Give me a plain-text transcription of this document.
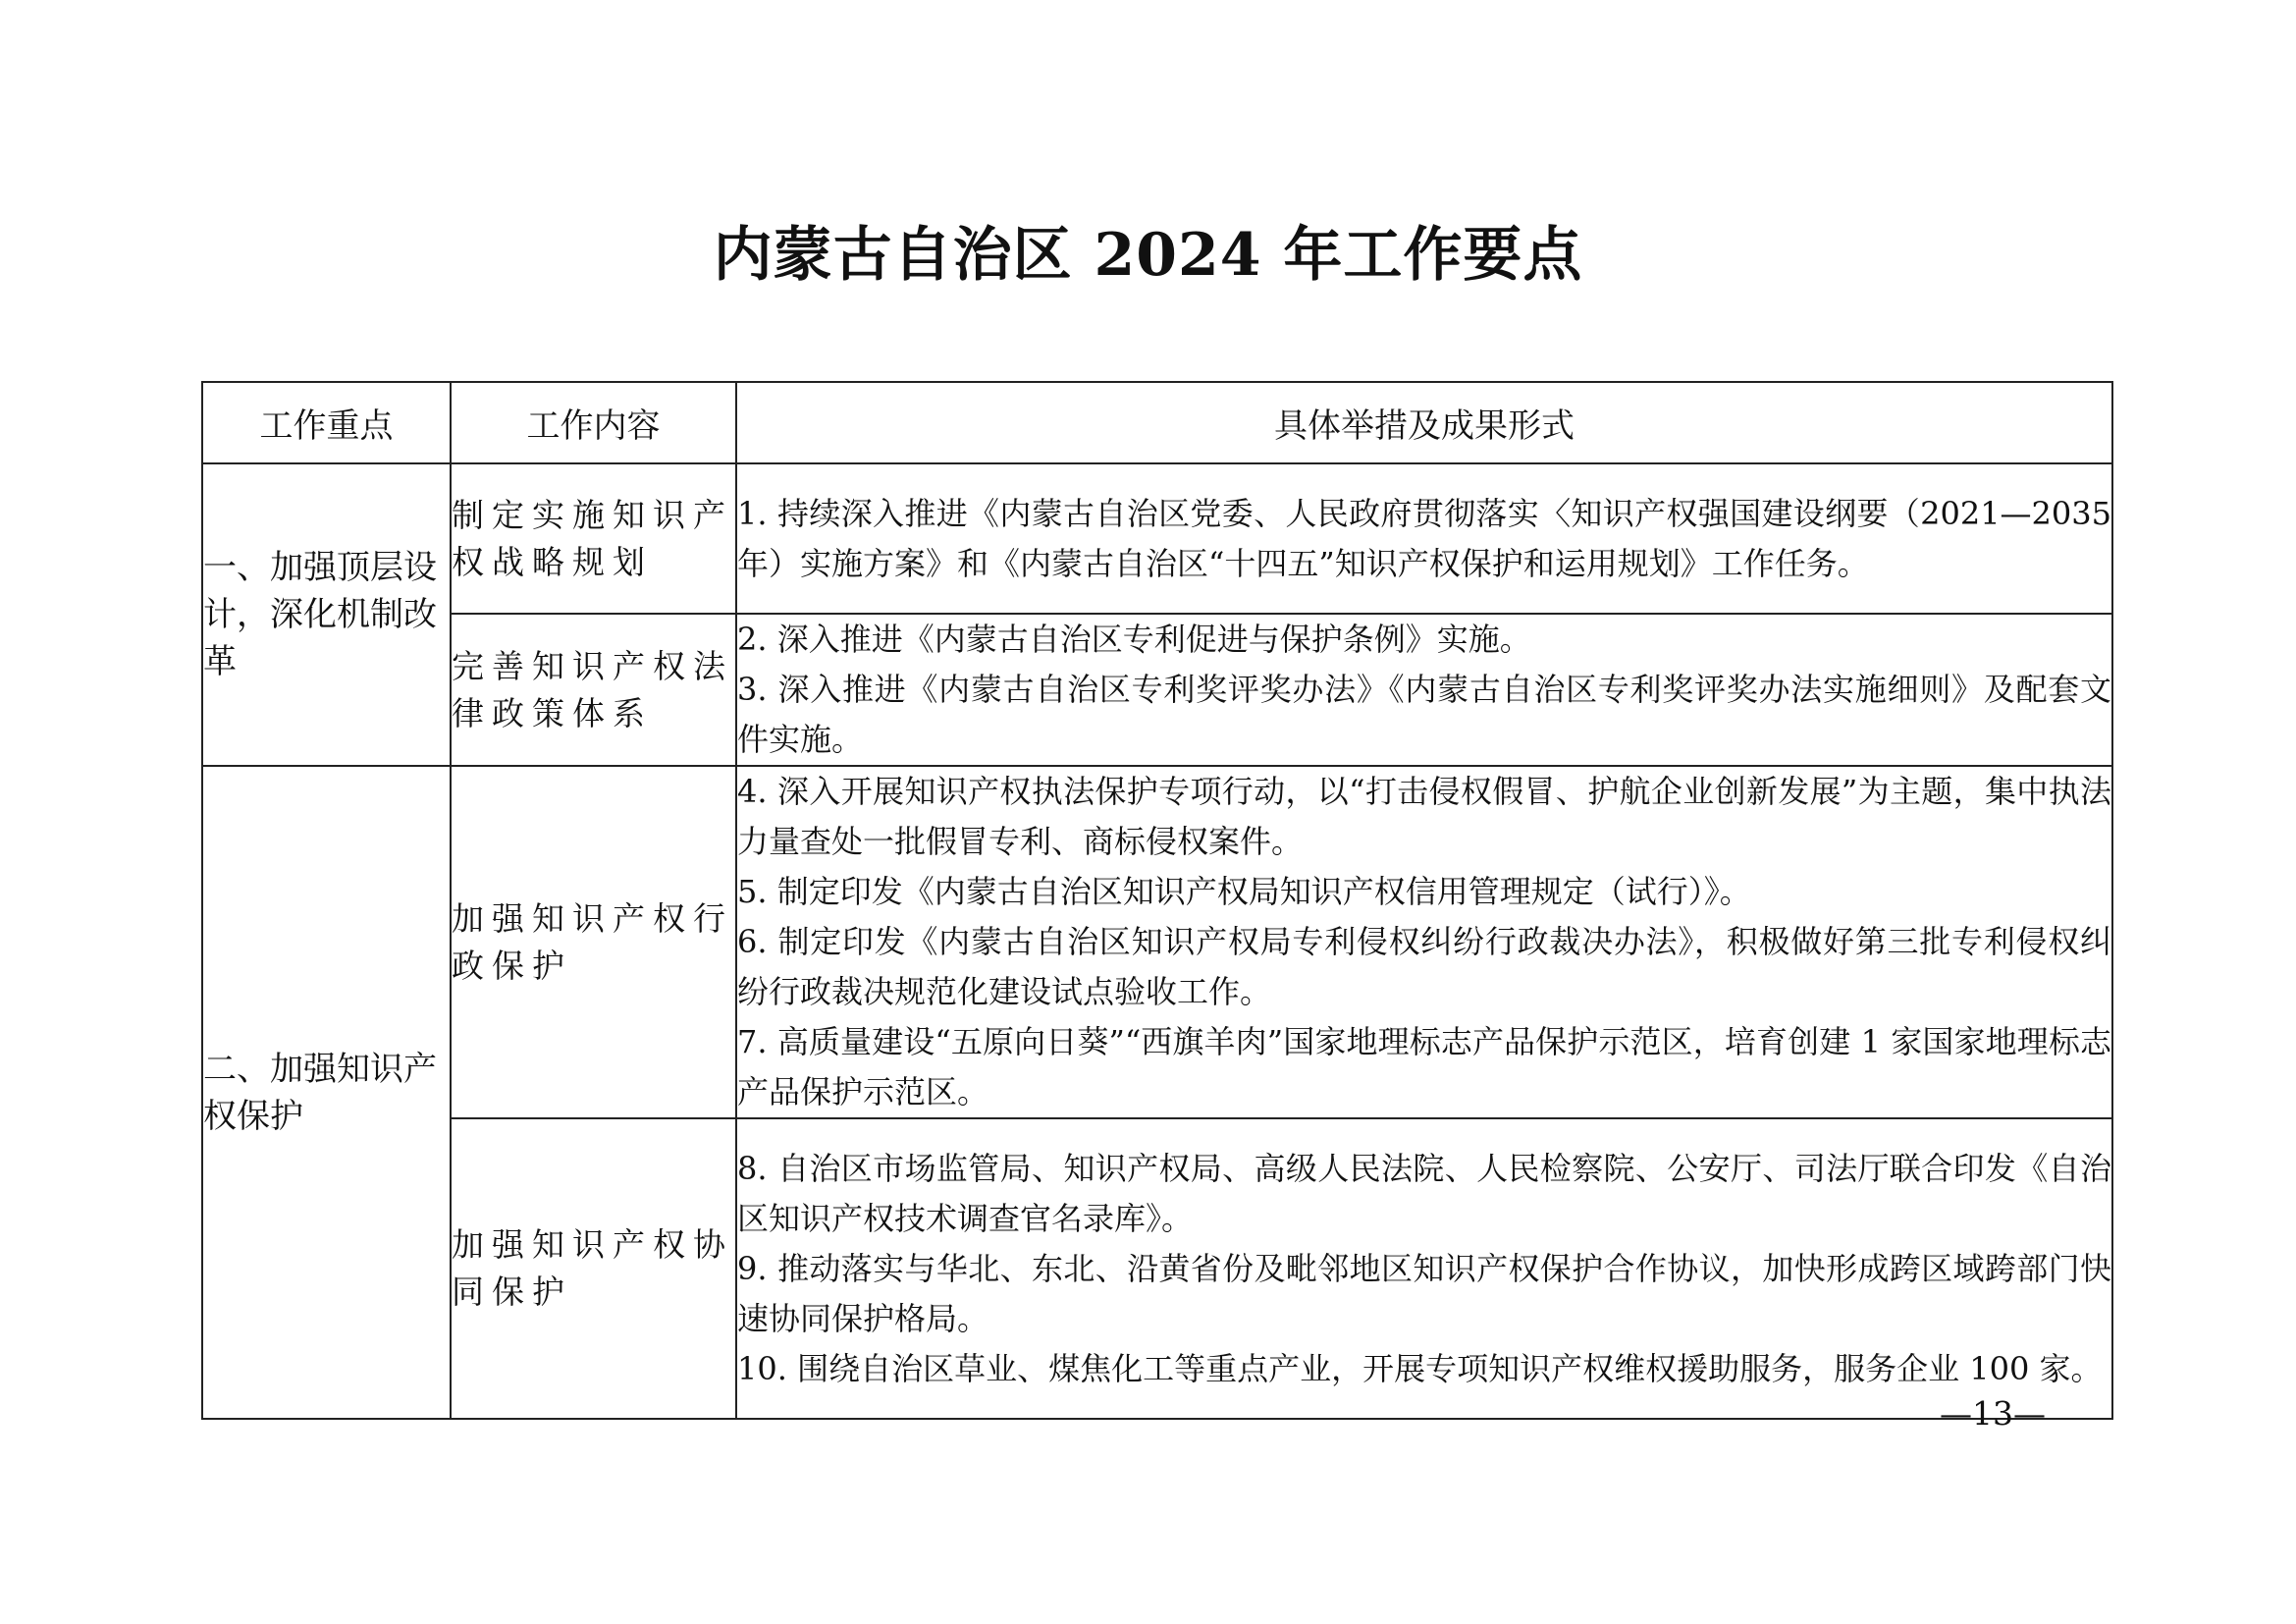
内蒙古自治区 2024 年工作要点
工作重点	工作内容	具体举措及成果形式
一、加强顶层设计，深化机制改革	制定实施知识产权战略规划	1. 持续深入推进《内蒙古自治区党委、人民政府贯彻落实〈知识产权强国建设纲要（2021—2035年）实施方案》和《内蒙古自治区“十四五”知识产权保护和运用规划》工作任务。

	完善知识产权法律政策体系	2. 深入推进《内蒙古自治区专利促进与保护条例》实施。

3. 深入推进《内蒙古自治区专利奖评奖办法》《内蒙古自治区专利奖评奖办法实施细则》及配套文件实施。

二、加强知识产权保护	加强知识产权行政保护	4. 深入开展知识产权执法保护专项行动，以“打击侵权假冒、护航企业创新发展”为主题，集中执法力量查处一批假冒专利、商标侵权案件。

5. 制定印发《内蒙古自治区知识产权局知识产权信用管理规定（试行）》。

6. 制定印发《内蒙古自治区知识产权局专利侵权纠纷行政裁决办法》，积极做好第三批专利侵权纠纷行政裁决规范化建设试点验收工作。

7. 高质量建设“五原向日葵”“西旗羊肉”国家地理标志产品保护示范区，培育创建 1 家国家地理标志产品保护示范区。

	加强知识产权协同保护	8. 自治区市场监管局、知识产权局、高级人民法院、人民检察院、公安厅、司法厅联合印发《自治区知识产权技术调查官名录库》。

9. 推动落实与华北、东北、沿黄省份及毗邻地区知识产权保护合作协议，加快形成跨区域跨部门快速协同保护格局。

10. 围绕自治区草业、煤焦化工等重点产业，开展专项知识产权维权援助服务，服务企业 100 家。

—13—
